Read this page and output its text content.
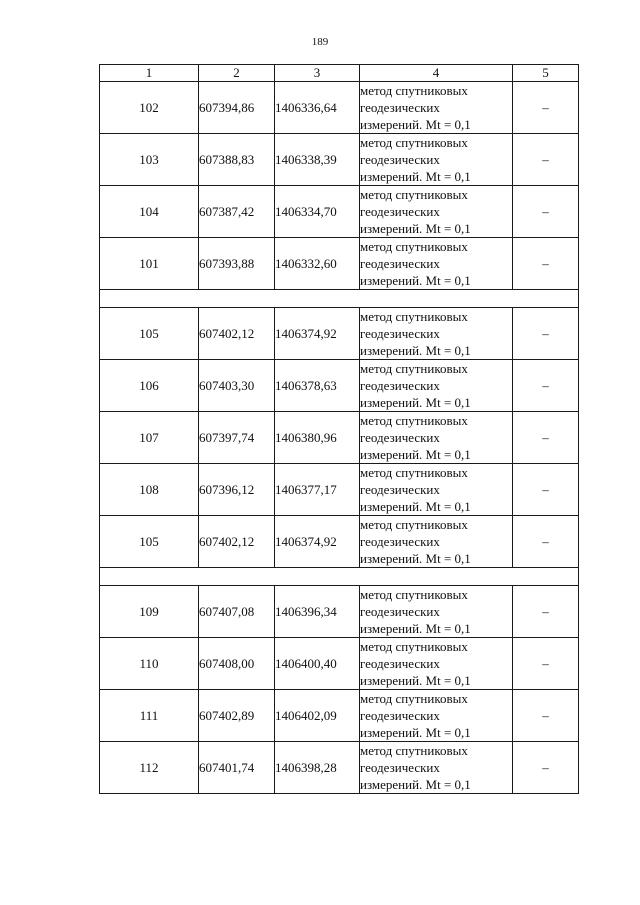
189
1	2	3	4	5
102	607394,86	1406336,64	метод спутниковых
геодезических
измерений. Mt = 0,1	–
103	607388,83	1406338,39	метод спутниковых
геодезических
измерений. Mt = 0,1	–
104	607387,42	1406334,70	метод спутниковых
геодезических
измерений. Mt = 0,1	–
101	607393,88	1406332,60	метод спутниковых
геодезических
измерений. Mt = 0,1	–

105	607402,12	1406374,92	метод спутниковых
геодезических
измерений. Mt = 0,1	–
106	607403,30	1406378,63	метод спутниковых
геодезических
измерений. Mt = 0,1	–
107	607397,74	1406380,96	метод спутниковых
геодезических
измерений. Mt = 0,1	–
108	607396,12	1406377,17	метод спутниковых
геодезических
измерений. Mt = 0,1	–
105	607402,12	1406374,92	метод спутниковых
геодезических
измерений. Mt = 0,1	–

109	607407,08	1406396,34	метод спутниковых
геодезических
измерений. Mt = 0,1	–
110	607408,00	1406400,40	метод спутниковых
геодезических
измерений. Mt = 0,1	–
111	607402,89	1406402,09	метод спутниковых
геодезических
измерений. Mt = 0,1	–
112	607401,74	1406398,28	метод спутниковых
геодезических
измерений. Mt = 0,1	–
